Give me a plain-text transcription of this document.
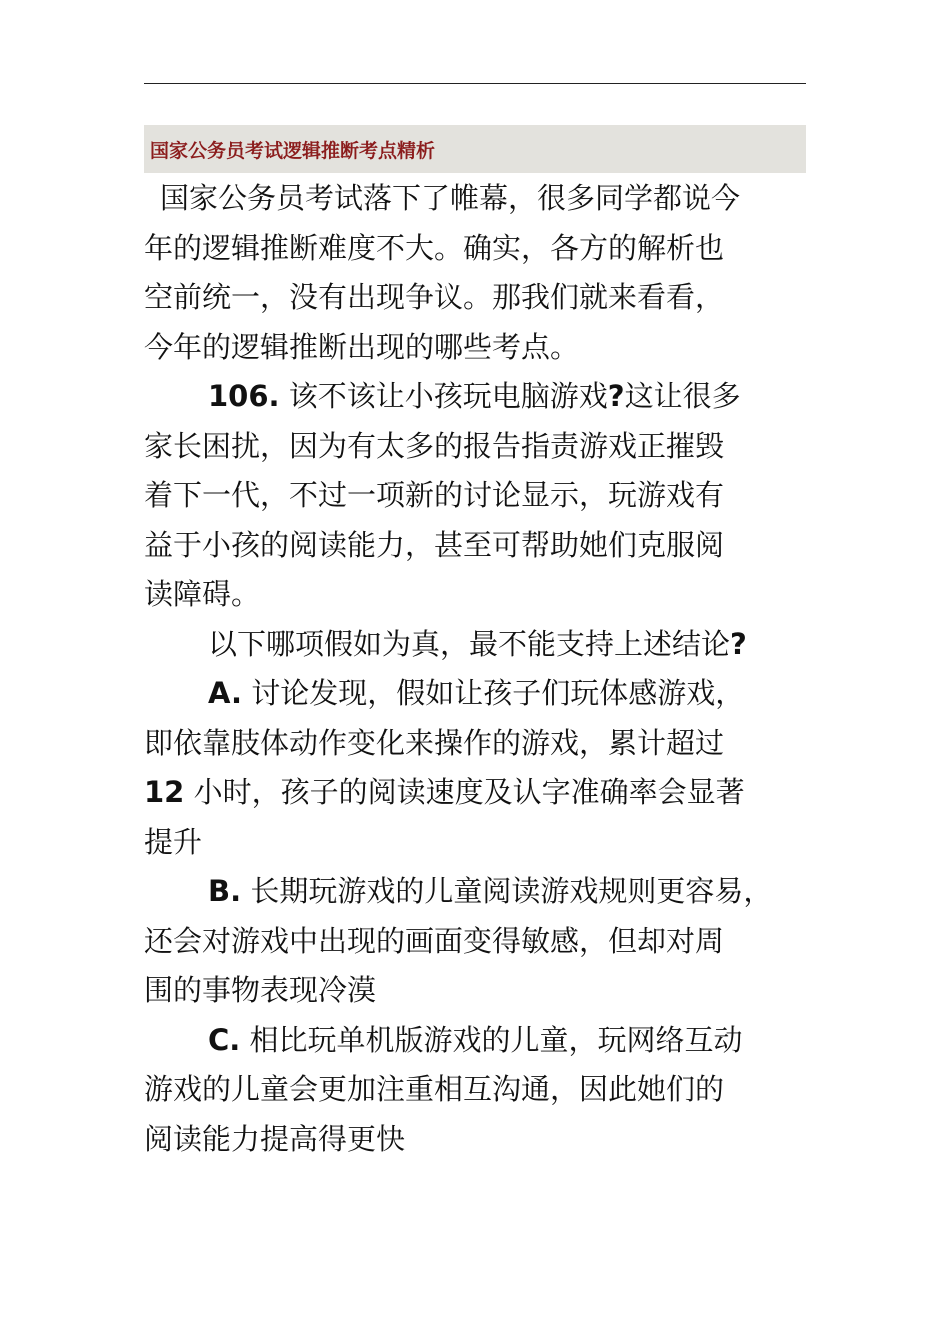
国家公务员考试逻辑推断考点精析
国家公务员考试落下了帷幕，很多同学都说今
年的逻辑推断难度不大。确实，各方的解析也
空前统一，没有出现争议。那我们就来看看，
今年的逻辑推断出现的哪些考点。
106. 该不该让小孩玩电脑游戏?这让很多
家长困扰，因为有太多的报告指责游戏正摧毁
着下一代，不过一项新的讨论显示，玩游戏有
益于小孩的阅读能力，甚至可帮助她们克服阅
读障碍。
以下哪项假如为真，最不能支持上述结论?
A. 讨论发现，假如让孩子们玩体感游戏，
即依靠肢体动作变化来操作的游戏，累计超过
12 小时，孩子的阅读速度及认字准确率会显著
提升
B. 长期玩游戏的儿童阅读游戏规则更容易，
还会对游戏中出现的画面变得敏感，但却对周
围的事物表现冷漠
C. 相比玩单机版游戏的儿童，玩网络互动
游戏的儿童会更加注重相互沟通，因此她们的
阅读能力提高得更快
